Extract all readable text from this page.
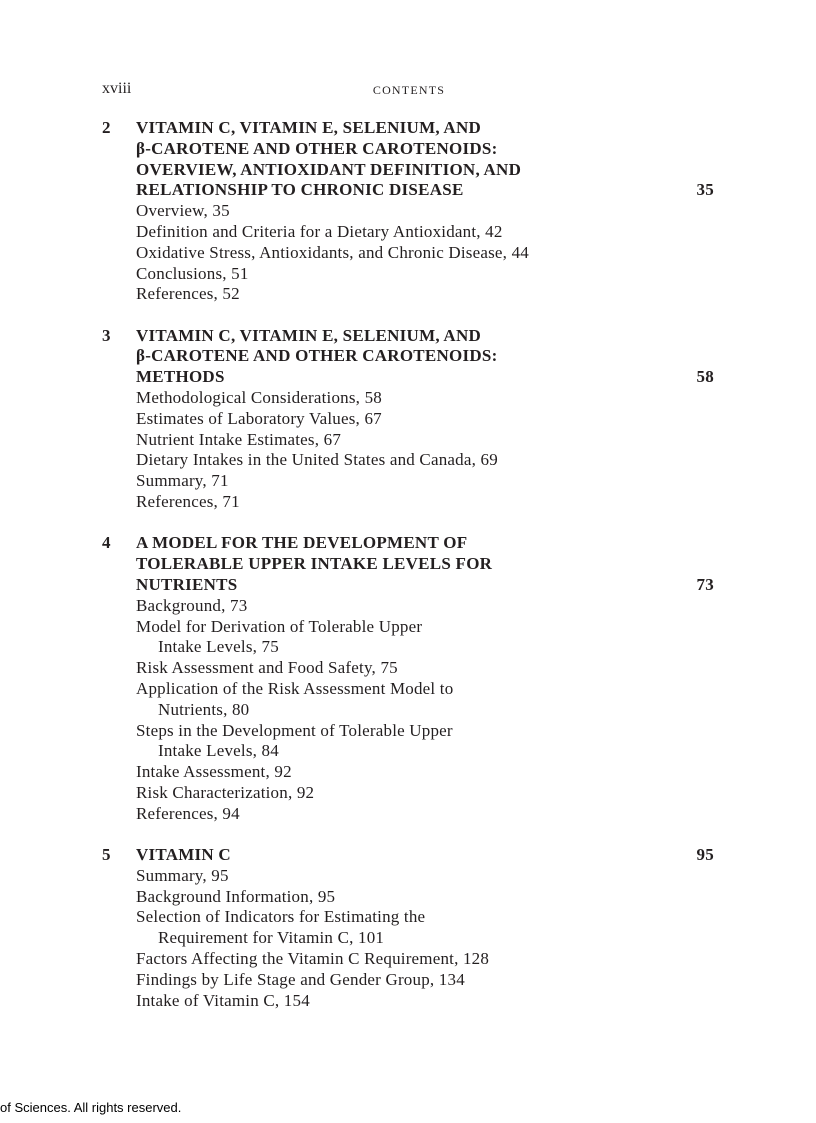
xviii	CONTENTS
2 VITAMIN C, VITAMIN E, SELENIUM, AND
β-CAROTENE AND OTHER CAROTENOIDS:
OVERVIEW, ANTIOXIDANT DEFINITION, AND
RELATIONSHIP TO CHRONIC DISEASE	35
Overview, 35
Definition and Criteria for a Dietary Antioxidant, 42
Oxidative Stress, Antioxidants, and Chronic Disease, 44
Conclusions, 51
References, 52
3 VITAMIN C, VITAMIN E, SELENIUM, AND
β-CAROTENE AND OTHER CAROTENOIDS:
METHODS	58
Methodological Considerations, 58
Estimates of Laboratory Values, 67
Nutrient Intake Estimates, 67
Dietary Intakes in the United States and Canada, 69
Summary, 71
References, 71
4 A MODEL FOR THE DEVELOPMENT OF
TOLERABLE UPPER INTAKE LEVELS FOR
NUTRIENTS	73
Background, 73
Model for Derivation of Tolerable Upper
Intake Levels, 75
Risk Assessment and Food Safety, 75
Application of the Risk Assessment Model to
Nutrients, 80
Steps in the Development of Tolerable Upper
Intake Levels, 84
Intake Assessment, 92
Risk Characterization, 92
References, 94
5 VITAMIN C	95
Summary, 95
Background Information, 95
Selection of Indicators for Estimating the
Requirement for Vitamin C, 101
Factors Affecting the Vitamin C Requirement, 128
Findings by Life Stage and Gender Group, 134
Intake of Vitamin C, 154
of Sciences. All rights reserved.
